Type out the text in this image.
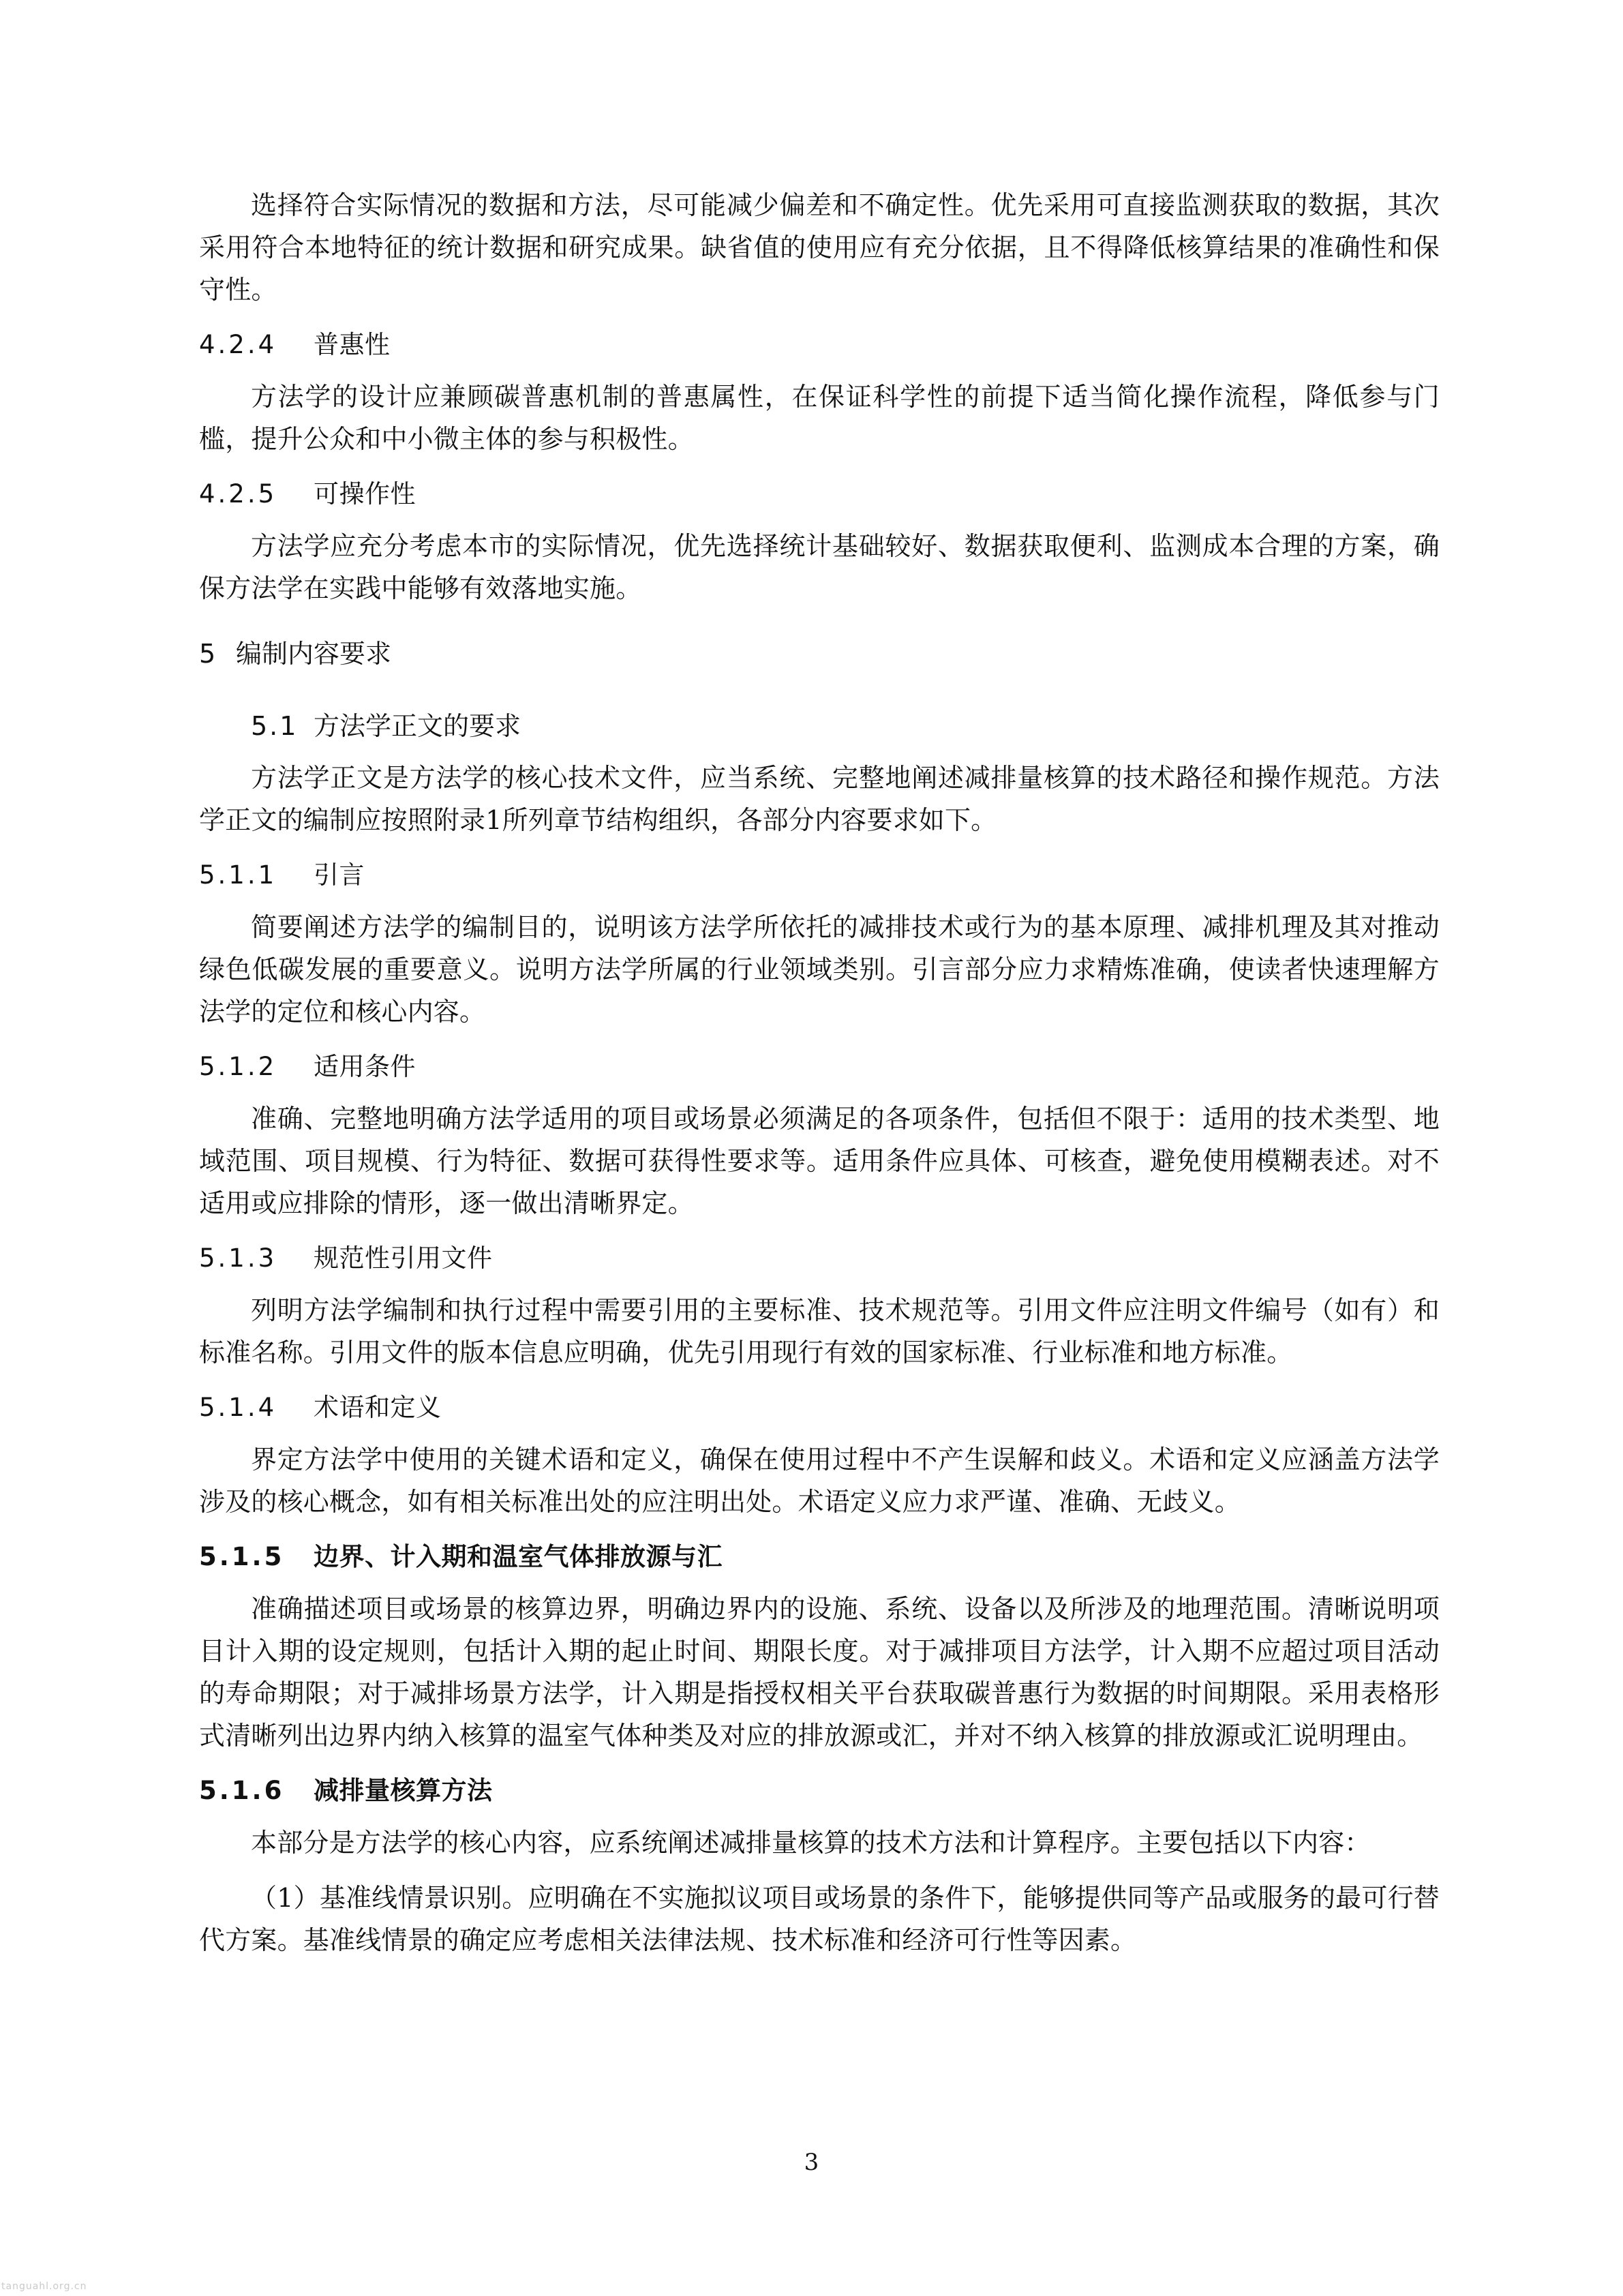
选择符合实际情况的数据和方法，尽可能减少偏差和不确定性。优先采用可直接监测获取的数据，其次采用符合本地特征的统计数据和研究成果。缺省值的使用应有充分依据，且不得降低核算结果的准确性和保守性。

4.2.4 普惠性

方法学的设计应兼顾碳普惠机制的普惠属性，在保证科学性的前提下适当简化操作流程，降低参与门槛，提升公众和中小微主体的参与积极性。

4.2.5 可操作性

方法学应充分考虑本市的实际情况，优先选择统计基础较好、数据获取便利、监测成本合理的方案，确保方法学在实践中能够有效落地实施。

5 编制内容要求
5.1 方法学正文的要求

方法学正文是方法学的核心技术文件，应当系统、完整地阐述减排量核算的技术路径和操作规范。方法学正文的编制应按照附录1所列章节结构组织，各部分内容要求如下。

5.1.1 引言

简要阐述方法学的编制目的，说明该方法学所依托的减排技术或行为的基本原理、减排机理及其对推动绿色低碳发展的重要意义。说明方法学所属的行业领域类别。引言部分应力求精炼准确，使读者快速理解方法学的定位和核心内容。

5.1.2 适用条件

准确、完整地明确方法学适用的项目或场景必须满足的各项条件，包括但不限于：适用的技术类型、地域范围、项目规模、行为特征、数据可获得性要求等。适用条件应具体、可核查，避免使用模糊表述。对不适用或应排除的情形，逐一做出清晰界定。

5.1.3 规范性引用文件

列明方法学编制和执行过程中需要引用的主要标准、技术规范等。引用文件应注明文件编号（如有）和标准名称。引用文件的版本信息应明确，优先引用现行有效的国家标准、行业标准和地方标准。

5.1.4 术语和定义

界定方法学中使用的关键术语和定义，确保在使用过程中不产生误解和歧义。术语和定义应涵盖方法学涉及的核心概念，如有相关标准出处的应注明出处。术语定义应力求严谨、准确、无歧义。

5.1.5 边界、计入期和温室气体排放源与汇

准确描述项目或场景的核算边界，明确边界内的设施、系统、设备以及所涉及的地理范围。清晰说明项目计入期的设定规则，包括计入期的起止时间、期限长度。对于减排项目方法学，计入期不应超过项目活动的寿命期限；对于减排场景方法学，计入期是指授权相关平台获取碳普惠行为数据的时间期限。采用表格形式清晰列出边界内纳入核算的温室气体种类及对应的排放源或汇，并对不纳入核算的排放源或汇说明理由。

5.1.6 减排量核算方法

本部分是方法学的核心内容，应系统阐述减排量核算的技术方法和计算程序。主要包括以下内容：

（1）基准线情景识别。应明确在不实施拟议项目或场景的条件下，能够提供同等产品或服务的最可行替代方案。基准线情景的确定应考虑相关法律法规、技术标准和经济可行性等因素。

3
tanguahl.org.cn
